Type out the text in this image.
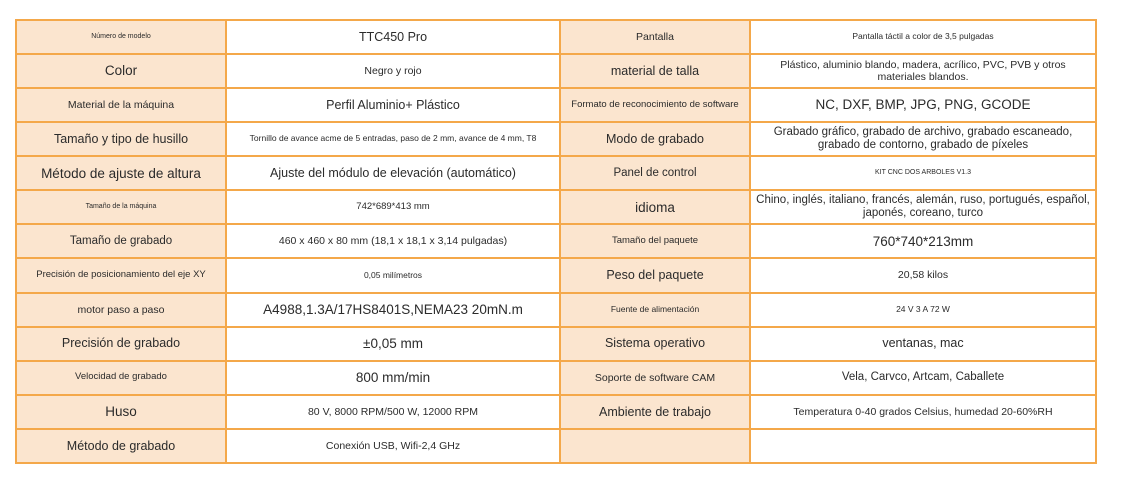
Número de modelo	TTC450 Pro	Pantalla	Pantalla táctil a color de 3,5 pulgadas
Color	Negro y rojo	material de talla	Plástico, aluminio blando, madera, acrílico, PVC, PVB y otros materiales blandos.
Material de la máquina	Perfil Aluminio+ Plástico	Formato de reconocimiento de software	NC, DXF, BMP, JPG, PNG, GCODE
Tamaño y tipo de husillo	Tornillo de avance acme de 5 entradas, paso de 2 mm, avance de 4 mm, T8	Modo de grabado	Grabado gráfico, grabado de archivo, grabado escaneado, grabado de contorno, grabado de píxeles
Método de ajuste de altura	Ajuste del módulo de elevación (automático)	Panel de control	KIT CNC DOS ARBOLES V1.3
Tamaño de la máquina	742*689*413 mm	idioma	Chino, inglés, italiano, francés, alemán, ruso, portugués, español, japonés, coreano, turco
Tamaño de grabado	460 x 460 x 80 mm (18,1 x 18,1 x 3,14 pulgadas)	Tamaño del paquete	760*740*213mm
Precisión de posicionamiento del eje XY	0,05 milímetros	Peso del paquete	20,58 kilos
motor paso a paso	A4988,1.3A/17HS8401S,NEMA23 20mN.m	Fuente de alimentación	24 V 3 A 72 W
Precisión de grabado	±0,05 mm	Sistema operativo	ventanas, mac
Velocidad de grabado	800 mm/min	Soporte de software CAM	Vela, Carvco, Artcam, Caballete
Huso	80 V, 8000 RPM/500 W, 12000 RPM	Ambiente de trabajo	Temperatura 0-40 grados Celsius, humedad 20-60%RH
Método de grabado	Conexión USB, Wifi-2,4 GHz		
